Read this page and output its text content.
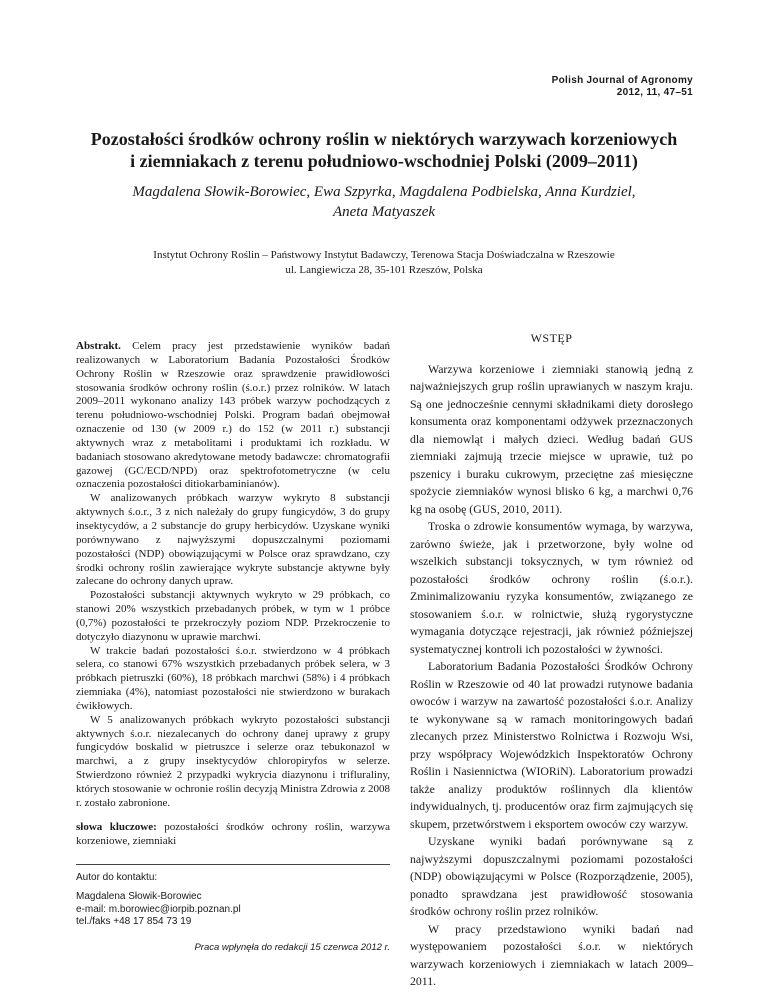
Polish Journal of Agronomy
2012, 11, 47–51
Pozostałości środków ochrony roślin w niektórych warzywach korzeniowych
i ziemniakach z terenu południowo-wschodniej Polski (2009–2011)
Magdalena Słowik-Borowiec, Ewa Szpyrka, Magdalena Podbielska, Anna Kurdziel,
Aneta Matyaszek
Instytut Ochrony Roślin – Państwowy Instytut Badawczy, Terenowa Stacja Doświadczalna w Rzeszowie
ul. Langiewicza 28, 35-101 Rzeszów, Polska

Abstrakt. Celem pracy jest przedstawienie wyników badań realizowanych w Laboratorium Badania Pozostałości Środków Ochrony Roślin w Rzeszowie oraz sprawdzenie prawidłowości stosowania środków ochrony roślin (ś.o.r.) przez rolników. W latach 2009–2011 wykonano analizy 143 próbek warzyw pochodzących z terenu południowo-wschodniej Polski. Program badań obejmował oznaczenie od 130 (w 2009 r.) do 152 (w 2011 r.) substancji aktywnych wraz z metabolitami i produktami ich rozkładu. W badaniach stosowano akredytowane metody badawcze: chromatografii gazowej (GC/ECD/NPD) oraz spektrofotometryczne (w celu oznaczenia pozostałości ditiokarbaminianów).

W analizowanych próbkach warzyw wykryto 8 substancji aktywnych ś.o.r., 3 z nich należały do grupy fungicydów, 3 do grupy insektycydów, a 2 substancje do grupy herbicydów. Uzyskane wyniki porównywano z najwyższymi dopuszczalnymi poziomami pozostałości (NDP) obowiązującymi w Polsce oraz sprawdzano, czy środki ochrony roślin zawierające wykryte substancje aktywne były zalecane do ochrony danych upraw.

Pozostałości substancji aktywnych wykryto w 29 próbkach, co stanowi 20% wszystkich przebadanych próbek, w tym w 1 próbce (0,7%) pozostałości te przekroczyły poziom NDP. Przekroczenie to dotyczyło diazynonu w uprawie marchwi.

W trakcie badań pozostałości ś.o.r. stwierdzono w 4 próbkach selera, co stanowi 67% wszystkich przebadanych próbek selera, w 3 próbkach pietruszki (60%), 18 próbkach marchwi (58%) i 4 próbkach ziemniaka (4%), natomiast pozostałości nie stwierdzono w burakach ćwikłowych.

W 5 analizowanych próbkach wykryto pozostałości substancji aktywnych ś.o.r. niezalecanych do ochrony danej uprawy z grupy fungicydów boskalid w pietruszce i selerze oraz tebukonazol w marchwi, a z grupy insektycydów chloropiryfos w selerze. Stwierdzono również 2 przypadki wykrycia diazynonu i trifluraliny, których stosowanie w ochronie roślin decyzją Ministra Zdrowia z 2008 r. zostało zabronione.

słowa kluczowe: pozostałości środków ochrony roślin, warzywa korzeniowe, ziemniaki

Autor do kontaktu:
Magdalena Słowik-Borowiec
e-mail: m.borowiec@iorpib.poznan.pl
tel./faks +48 17 854 73 19
Praca wpłynęła do redakcji 15 czerwca 2012 r.
WSTĘP

Warzywa korzeniowe i ziemniaki stanowią jedną z najważniejszych grup roślin uprawianych w naszym kraju. Są one jednocześnie cennymi składnikami diety dorosłego konsumenta oraz komponentami odżywek przeznaczonych dla niemowląt i małych dzieci. Według badań GUS ziemniaki zajmują trzecie miejsce w uprawie, tuż po pszenicy i buraku cukrowym, przeciętne zaś miesięczne spożycie ziemniaków wynosi blisko 6 kg, a marchwi 0,76 kg na osobę (GUS, 2010, 2011).

Troska o zdrowie konsumentów wymaga, by warzywa, zarówno świeże, jak i przetworzone, były wolne od wszelkich substancji toksycznych, w tym również od pozostałości środków ochrony roślin (ś.o.r.). Zminimalizowaniu ryzyka konsumentów, związanego ze stosowaniem ś.o.r. w rolnictwie, służą rygorystyczne wymagania dotyczące rejestracji, jak również późniejszej systematycznej kontroli ich pozostałości w żywności.

Laboratorium Badania Pozostałości Środków Ochrony Roślin w Rzeszowie od 40 lat prowadzi rutynowe badania owoców i warzyw na zawartość pozostałości ś.o.r. Analizy te wykonywane są w ramach monitoringowych badań zlecanych przez Ministerstwo Rolnictwa i Rozwoju Wsi, przy współpracy Wojewódzkich Inspektoratów Ochrony Roślin i Nasiennictwa (WIORiN). Laboratorium prowadzi także analizy produktów roślinnych dla klientów indywidualnych, tj. producentów oraz firm zajmujących się skupem, przetwórstwem i eksportem owoców czy warzyw.

Uzyskane wyniki badań porównywane są z najwyższymi dopuszczalnymi poziomami pozostałości (NDP) obowiązującymi w Polsce (Rozporządzenie, 2005), ponadto sprawdzana jest prawidłowość stosowania środków ochrony roślin przez rolników.

W pracy przedstawiono wyniki badań nad występowaniem pozostałości ś.o.r. w niektórych warzywach korzeniowych i ziemniakach w latach 2009–2011.
